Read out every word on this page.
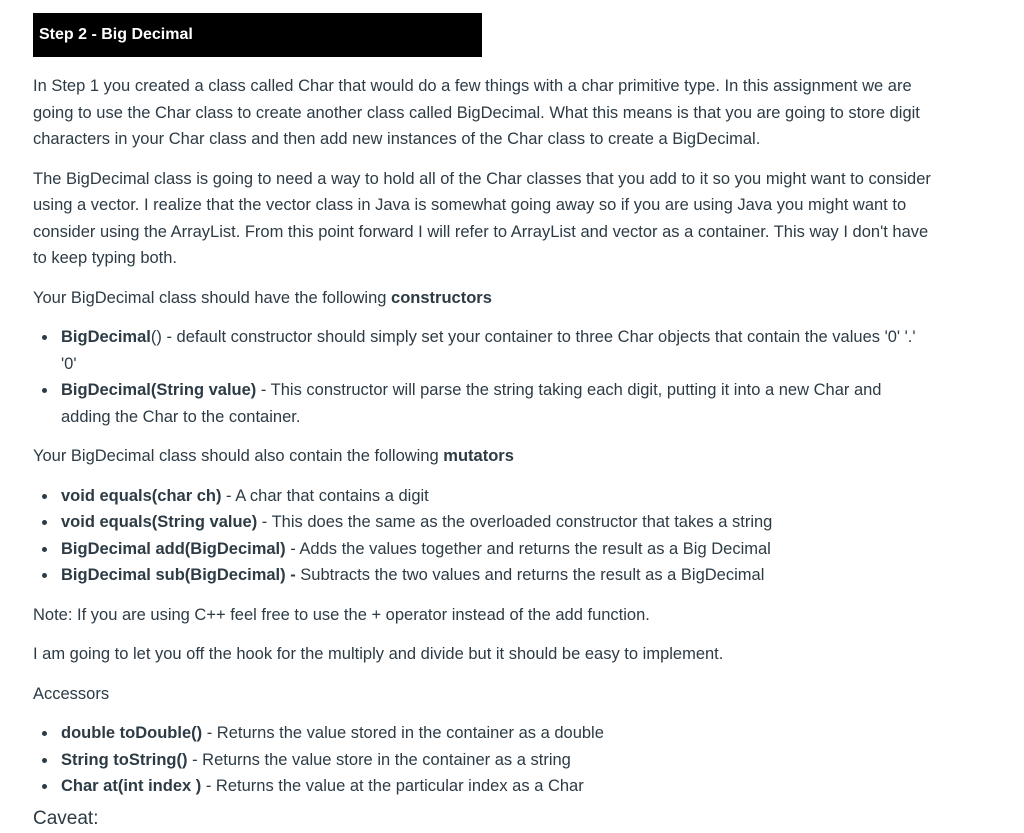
Step 2 - Big Decimal

In Step 1 you created a class called Char that would do a few things with a char primitive type. In this assignment we are going to use the Char class to create another class called BigDecimal. What this means is that you are going to store digit characters in your Char class and then add new instances of the Char class to create a BigDecimal.

The BigDecimal class is going to need a way to hold all of the Char classes that you add to it so you might want to consider using a vector. I realize that the vector class in Java is somewhat going away so if you are using Java you might want to consider using the ArrayList. From this point forward I will refer to ArrayList and vector as a container. This way I don't have to keep typing both.

Your BigDecimal class should have the following constructors

BigDecimal() - default constructor should simply set your container to three Char objects that contain the values '0' '.' '0'
BigDecimal(String value) - This constructor will parse the string taking each digit, putting it into a new Char and adding the Char to the container.

Your BigDecimal class should also contain the following mutators

void equals(char ch) - A char that contains a digit
void equals(String value) - This does the same as the overloaded constructor that takes a string
BigDecimal add(BigDecimal) - Adds the values together and returns the result as a Big Decimal
BigDecimal sub(BigDecimal) - Subtracts the two values and returns the result as a BigDecimal

Note: If you are using C++ feel free to use the + operator instead of the add function.

I am going to let you off the hook for the multiply and divide but it should be easy to implement.

Accessors

double toDouble() - Returns the value stored in the container as a double
String toString() - Returns the value store in the container as a string
Char at(int index ) - Returns the value at the particular index as a Char
Caveat:
